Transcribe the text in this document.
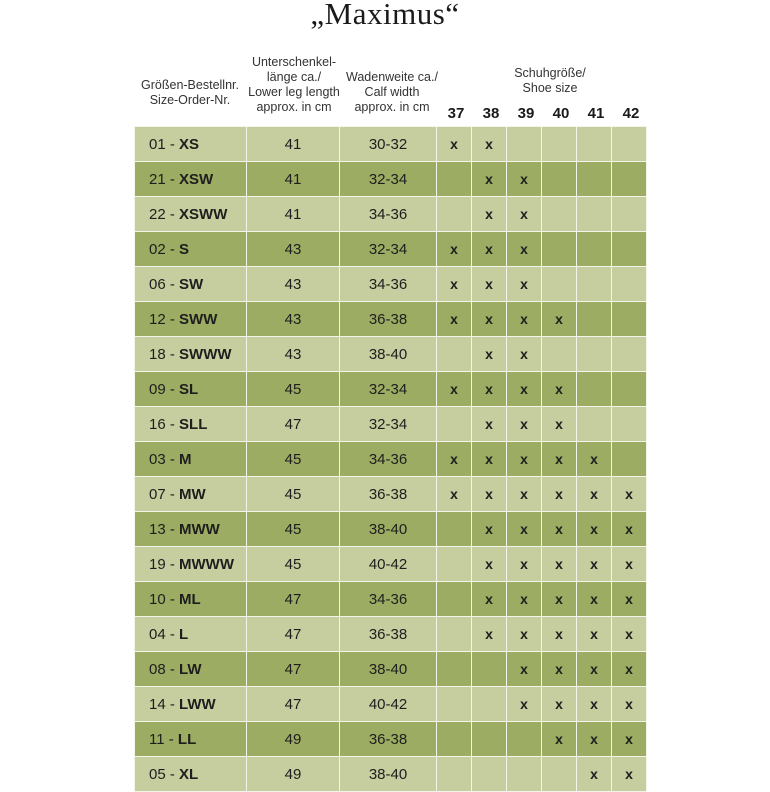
„Maximus“
Größen-Bestellnr.
Size-Order-Nr.
Unterschenkel-
länge ca./
Lower leg length
approx. in cm
Wadenweite ca./
Calf width
approx. in cm
Schuhgröße/
Shoe size
37	38	39	40	41	42
01 - XS	41	30-32	x	x				
21 - XSW	41	32-34		x	x			
22 - XSWW	41	34-36		x	x			
02 - S	43	32-34	x	x	x			
06 - SW	43	34-36	x	x	x			
12 - SWW	43	36-38	x	x	x	x		
18 - SWWW	43	38-40		x	x			
09 - SL	45	32-34	x	x	x	x		
16 - SLL	47	32-34		x	x	x		
03 - M	45	34-36	x	x	x	x	x	
07 - MW	45	36-38	x	x	x	x	x	x
13 - MWW	45	38-40		x	x	x	x	x
19 - MWWW	45	40-42		x	x	x	x	x
10 - ML	47	34-36		x	x	x	x	x
04 - L	47	36-38		x	x	x	x	x
08 - LW	47	38-40			x	x	x	x
14 - LWW	47	40-42			x	x	x	x
11 - LL	49	36-38				x	x	x
05 - XL	49	38-40					x	x
